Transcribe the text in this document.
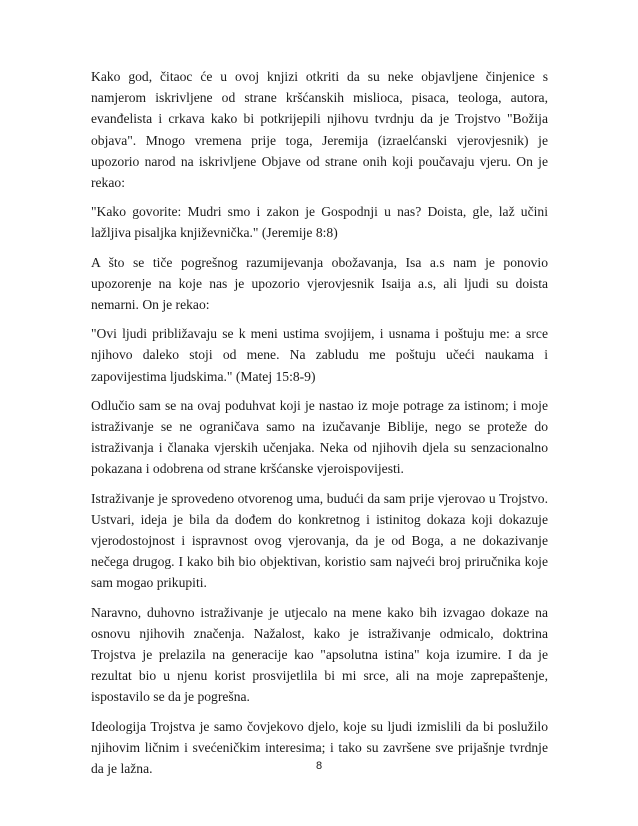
Kako god, čitaoc će u ovoj knjizi otkriti da su neke objavljene činjenice s namjerom iskrivljene od strane kršćanskih mislioca, pisaca, teologa, autora, evanđelista i crkava kako bi potkrijepili njihovu tvrdnju da je Trojstvo "Božija objava". Mnogo vremena prije toga, Jeremija (izraelćanski vjerovjesnik) je upozorio narod na iskrivljene Objave od strane onih koji poučavaju vjeru. On je rekao:

"Kako govorite: Mudri smo i zakon je Gospodnji u nas? Doista, gle, laž učini lažljiva pisaljka književnička." (Jeremije 8:8)

A što se tiče pogrešnog razumijevanja obožavanja, Isa a.s nam je ponovio upozorenje na koje nas je upozorio vjerovjesnik Isaija a.s, ali ljudi su doista nemarni. On je rekao:

"Ovi ljudi približavaju se k meni ustima svojijem, i usnama i poštuju me: a srce njihovo daleko stoji od mene. Na zabludu me poštuju učeći naukama i zapovijestima ljudskima." (Matej 15:8-9)

Odlučio sam se na ovaj poduhvat koji je nastao iz moje potrage za istinom; i moje istraživanje se ne ograničava samo na izučavanje Biblije, nego se proteže do istraživanja i članaka vjerskih učenjaka. Neka od njihovih djela su senzacionalno pokazana i odobrena od strane kršćanske vjeroispovijesti.

Istraživanje je sprovedeno otvorenog uma, budući da sam prije vjerovao u Trojstvo. Ustvari, ideja je bila da dođem do konkretnog i istinitog dokaza koji dokazuje vjerodostojnost i ispravnost ovog vjerovanja, da je od Boga, a ne dokazivanje nečega drugog. I kako bih bio objektivan, koristio sam najveći broj priručnika koje sam mogao prikupiti.

Naravno, duhovno istraživanje je utjecalo na mene kako bih izvagao dokaze na osnovu njihovih značenja. Nažalost, kako je istraživanje odmicalo, doktrina Trojstva je prelazila na generacije kao "apsolutna istina" koja izumire. I da je rezultat bio u njenu korist prosvijetlila bi mi srce, ali na moje zaprepaštenje, ispostavilo se da je pogrešna.

Ideologija Trojstva je samo čovjekovo djelo, koje su ljudi izmislili da bi poslužilo njihovim ličnim i svećeničkim interesima; i tako su završene sve prijašnje tvrdnje da je lažna.	8
